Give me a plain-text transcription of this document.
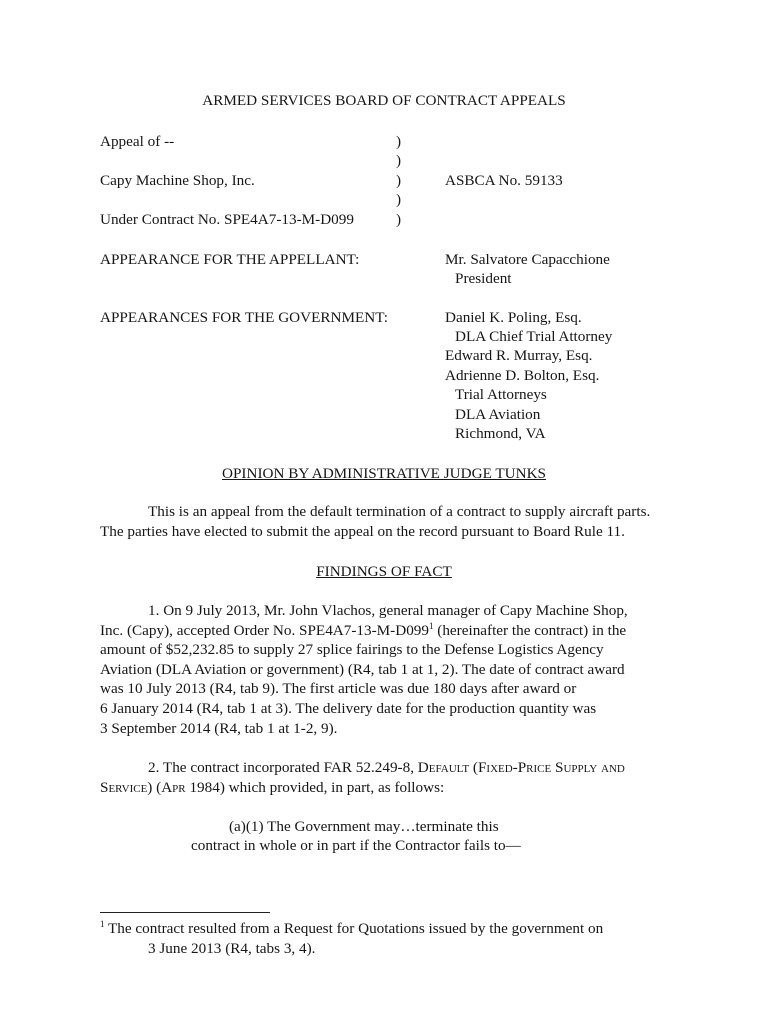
ARMED SERVICES BOARD OF CONTRACT APPEALS
Appeal of --
Capy Machine Shop, Inc.
Under Contract No. SPE4A7-13-M-D099
)
)
)
)
)
ASBCA No. 59133
APPEARANCE FOR THE APPELLANT:	Mr. Salvatore Capacchione
President
APPEARANCES FOR THE GOVERNMENT:	Daniel K. Poling, Esq.
DLA Chief Trial Attorney
Edward R. Murray, Esq.
Adrienne D. Bolton, Esq.
Trial Attorneys
DLA Aviation
Richmond, VA
OPINION BY ADMINISTRATIVE JUDGE TUNKS
This is an appeal from the default termination of a contract to supply aircraft parts.
The parties have elected to submit the appeal on the record pursuant to Board Rule 11.
FINDINGS OF FACT
1. On 9 July 2013, Mr. John Vlachos, general manager of Capy Machine Shop,
Inc. (Capy), accepted Order No. $SPE4A7-13-M-D099^1$ (hereinafter the contract) in the
amount of $52,232.85 to supply 27 splice fairings to the Defense Logistics Agency
Aviation (DLA Aviation or government) (R4, tab 1 at 1, 2). The date of contract award
was 10 July 2013 (R4, tab 9). The first article was due 180 days after award or
6 January 2014 (R4, tab 1 at 3). The delivery date for the production quantity was
3 September 2014 (R4, tab 1 at 1-2, 9).
2. The contract incorporated FAR 52.249-8, Default (Fixed-Price Supply and
Service) (Apr 1984) which provided, in part, as follows:
(a)(1) The Government may…terminate this
contract in whole or in part if the Contractor fails to—
$^1$ The contract resulted from a Request for Quotations issued by the government on
3 June 2013 (R4, tabs 3, 4).
